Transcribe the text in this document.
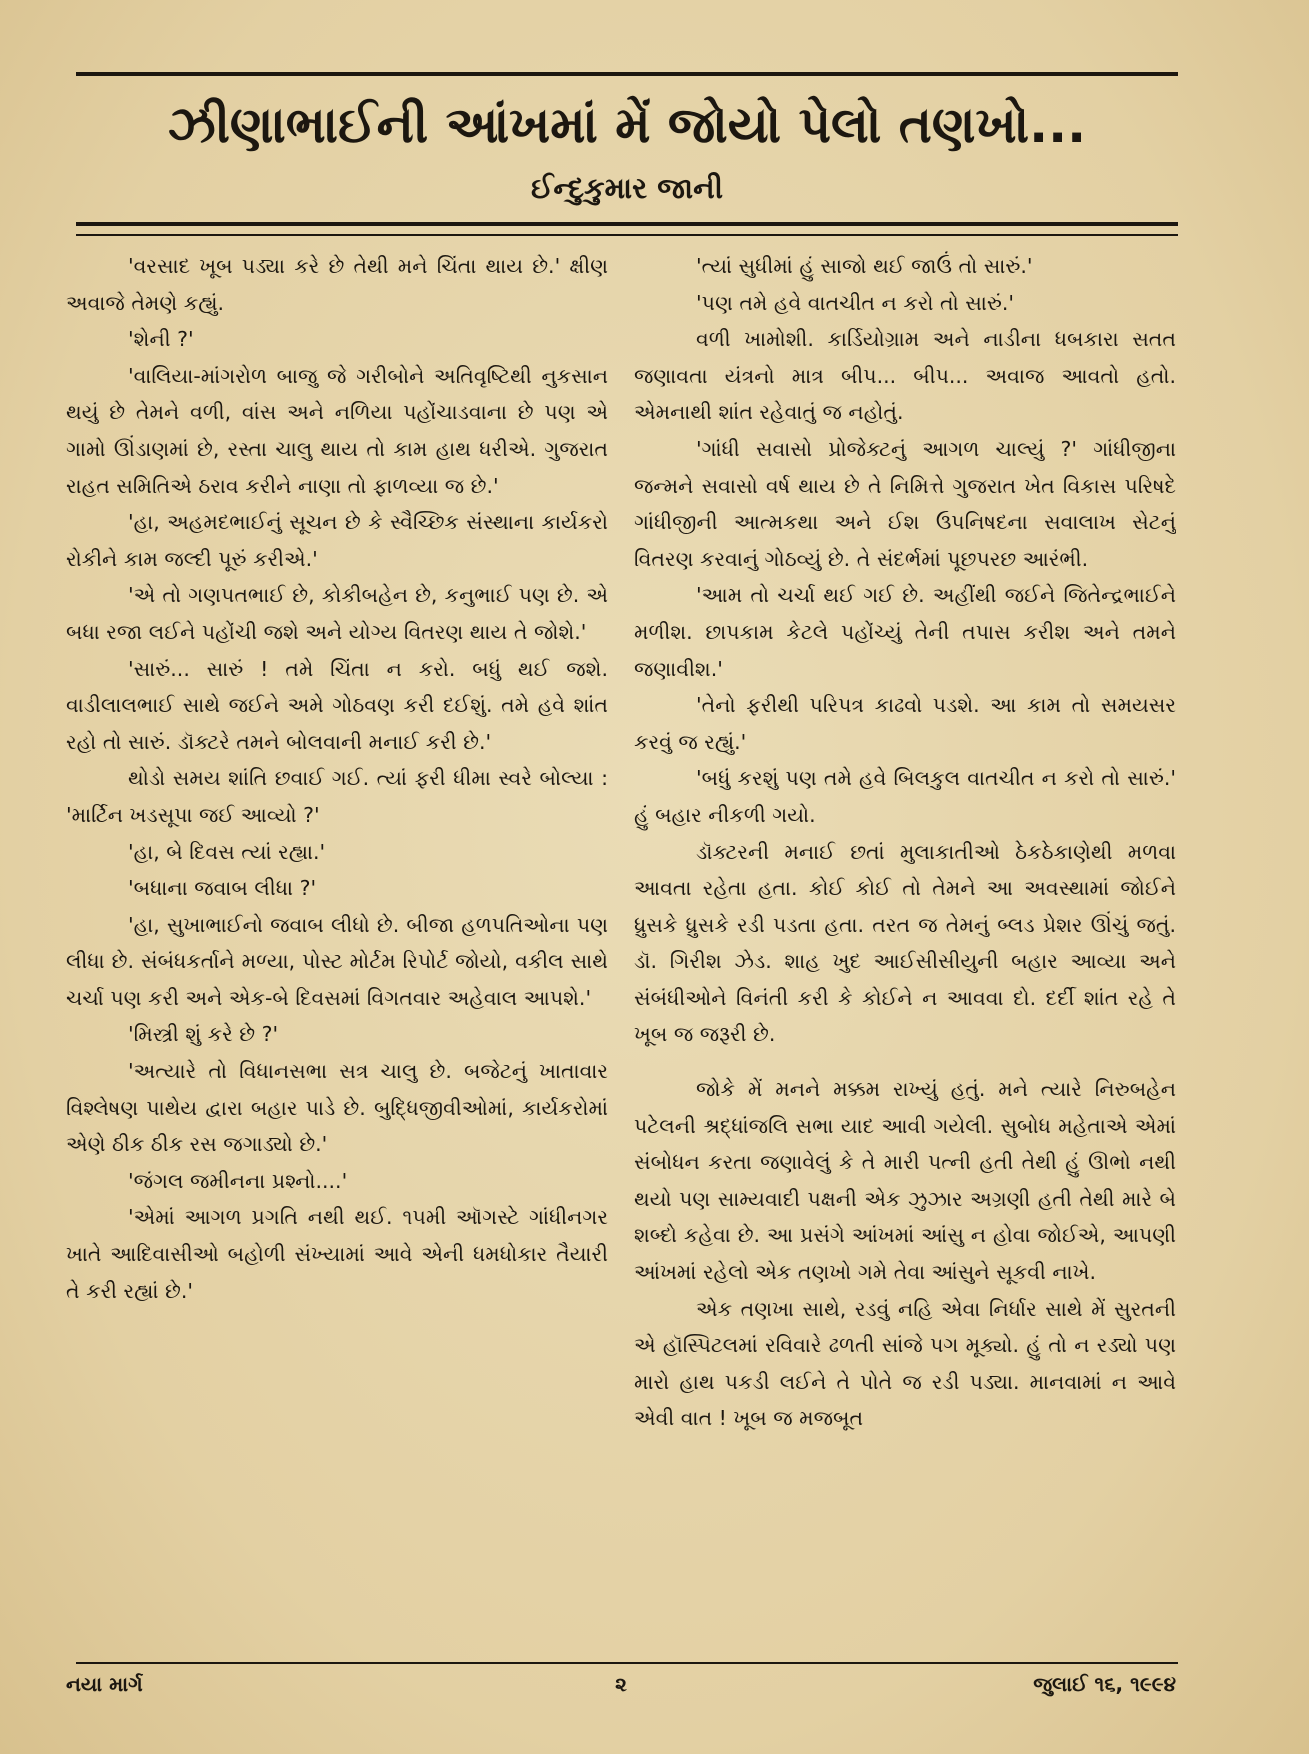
ઝીણાભાઈની આંખમાં મેં જોયો પેલો તણખો...
ઈન્દુકુમાર જાની

'વરસાદ ખૂબ પડ્યા કરે છે તેથી મને ચિંતા થાય છે.' ક્ષીણ અવાજે તેમણે કહ્યું.

'શેની ?'

'વાલિયા-માંગરોળ બાજુ જે ગરીબોને અતિવૃષ્ટિથી નુકસાન થયું છે તેમને વળી, વાંસ અને નળિયા પહોંચાડવાના છે પણ એ ગામો ઊંડાણમાં છે, રસ્તા ચાલુ થાય તો કામ હાથ ધરીએ. ગુજરાત રાહત સમિતિએ ઠરાવ કરીને નાણા તો ફાળવ્યા જ છે.'

'હા, અહમદભાઈનું સૂચન છે કે સ્વૈચ્છિક સંસ્થાના કાર્યકરો રોકીને કામ જલ્દી પૂરું કરીએ.'

'એ તો ગણપતભાઈ છે, કોકીબહેન છે, કનુભાઈ પણ છે. એ બધા રજા લઈને પહોંચી જશે અને યોગ્ય વિતરણ થાય તે જોશે.'

'સારું... સારું ! તમે ચિંતા ન કરો. બધું થઈ જશે. વાડીલાલભાઈ સાથે જઈને અમે ગોઠવણ કરી દઈશું. તમે હવે શાંત રહો તો સારું. ડૉક્ટરે તમને બોલવાની મનાઈ કરી છે.'

થોડો સમય શાંતિ છવાઈ ગઈ. ત્યાં ફરી ધીમા સ્વરે બોલ્યા : 'માર્ટિન ખડસૂપા જઈ આવ્યો ?'

'હા, બે દિવસ ત્યાં રહ્યા.'

'બધાના જવાબ લીધા ?'

'હા, સુખાભાઈનો જવાબ લીધો છે. બીજા હળપતિઓના પણ લીધા છે. સંબંધકર્તાને મળ્યા, પોસ્ટ મોર્ટમ રિપોર્ટ જોયો, વકીલ સાથે ચર્ચા પણ કરી અને એક-બે દિવસમાં વિગતવાર અહેવાલ આપશે.'

'મિસ્ત્રી શું કરે છે ?'

'અત્યારે તો વિધાનસભા સત્ર ચાલુ છે. બજેટનું ખાતાવાર વિશ્લેષણ પાથેય દ્વારા બહાર પાડે છે. બુદ્ધિજીવીઓમાં, કાર્યકરોમાં એણે ઠીક ઠીક રસ જગાડ્યો છે.'

'જંગલ જમીનના પ્રશ્નો....'

'એમાં આગળ પ્રગતિ નથી થઈ. ૧૫મી ઑગસ્ટે ગાંધીનગર ખાતે આદિવાસીઓ બહોળી સંખ્યામાં આવે એની ધમધોકાર તૈયારી તે કરી રહ્યાં છે.'

'ત્યાં સુધીમાં હું સાજો થઈ જાઉં તો સારું.'

'પણ તમે હવે વાતચીત ન કરો તો સારું.'

વળી ખામોશી. કાર્ડિયોગ્રામ અને નાડીના ધબકારા સતત જણાવતા યંત્રનો માત્ર બીપ... બીપ... અવાજ આવતો હતો. એમનાથી શાંત રહેવાતું જ નહોતું.

'ગાંધી સવાસો પ્રોજેક્ટનું આગળ ચાલ્યું ?' ગાંધીજીના જન્મને સવાસો વર્ષ થાય છે તે નિમિત્તે ગુજરાત ખેત વિકાસ પરિષદે ગાંધીજીની આત્મકથા અને ઈશ ઉપનિષદના સવાલાખ સેટનું વિતરણ કરવાનું ગોઠવ્યું છે. તે સંદર્ભમાં પૂછપરછ આરંભી.

'આમ તો ચર્ચા થઈ ગઈ છે. અહીંથી જઈને જિતેન્દ્રભાઈને મળીશ. છાપકામ કેટલે પહોંચ્યું તેની તપાસ કરીશ અને તમને જણાવીશ.'

'તેનો ફરીથી પરિપત્ર કાઢવો પડશે. આ કામ તો સમયસર કરવું જ રહ્યું.'

'બધું કરશું પણ તમે હવે બિલકુલ વાતચીત ન કરો તો સારું.' હું બહાર નીકળી ગયો.

ડૉક્ટરની મનાઈ છતાં મુલાકાતીઓ ઠેકઠેકાણેથી મળવા આવતા રહેતા હતા. કોઈ કોઈ તો તેમને આ અવસ્થામાં જોઈને ધ્રુસકે ધ્રુસકે રડી પડતા હતા. તરત જ તેમનું બ્લડ પ્રેશર ઊંચું જતું. ડૉ. ગિરીશ ઝેડ. શાહ ખુદ આઈસીસીયુની બહાર આવ્યા અને સંબંધીઓને વિનંતી કરી કે કોઈને ન આવવા દો. દર્દી શાંત રહે તે ખૂબ જ જરૂરી છે.

જોકે મેં મનને મક્કમ રાખ્યું હતું. મને ત્યારે નિરુબહેન પટેલની શ્રદ્ધાંજલિ સભા યાદ આવી ગયેલી. સુબોધ મહેતાએ એમાં સંબોધન કરતા જણાવેલું કે તે મારી પત્ની હતી તેથી હું ઊભો નથી થયો પણ સામ્યવાદી પક્ષની એક ઝુઝાર અગ્રણી હતી તેથી મારે બે શબ્દો કહેવા છે. આ પ્રસંગે આંખમાં આંસુ ન હોવા જોઈએ, આપણી આંખમાં રહેલો એક તણખો ગમે તેવા આંસુને સૂકવી નાખે.

એક તણખા સાથે, રડવું નહિ એવા નિર્ધાર સાથે મેં સુરતની એ હૉસ્પિટલમાં રવિવારે ઢળતી સાંજે પગ મૂક્યો. હું તો ન રડ્યો પણ મારો હાથ પકડી લઈને તે પોતે જ રડી પડ્યા. માનવામાં ન આવે એવી વાત ! ખૂબ જ મજબૂત

નયા માર્ગ	૨	જુલાઈ ૧૬, ૧૯૯૪
